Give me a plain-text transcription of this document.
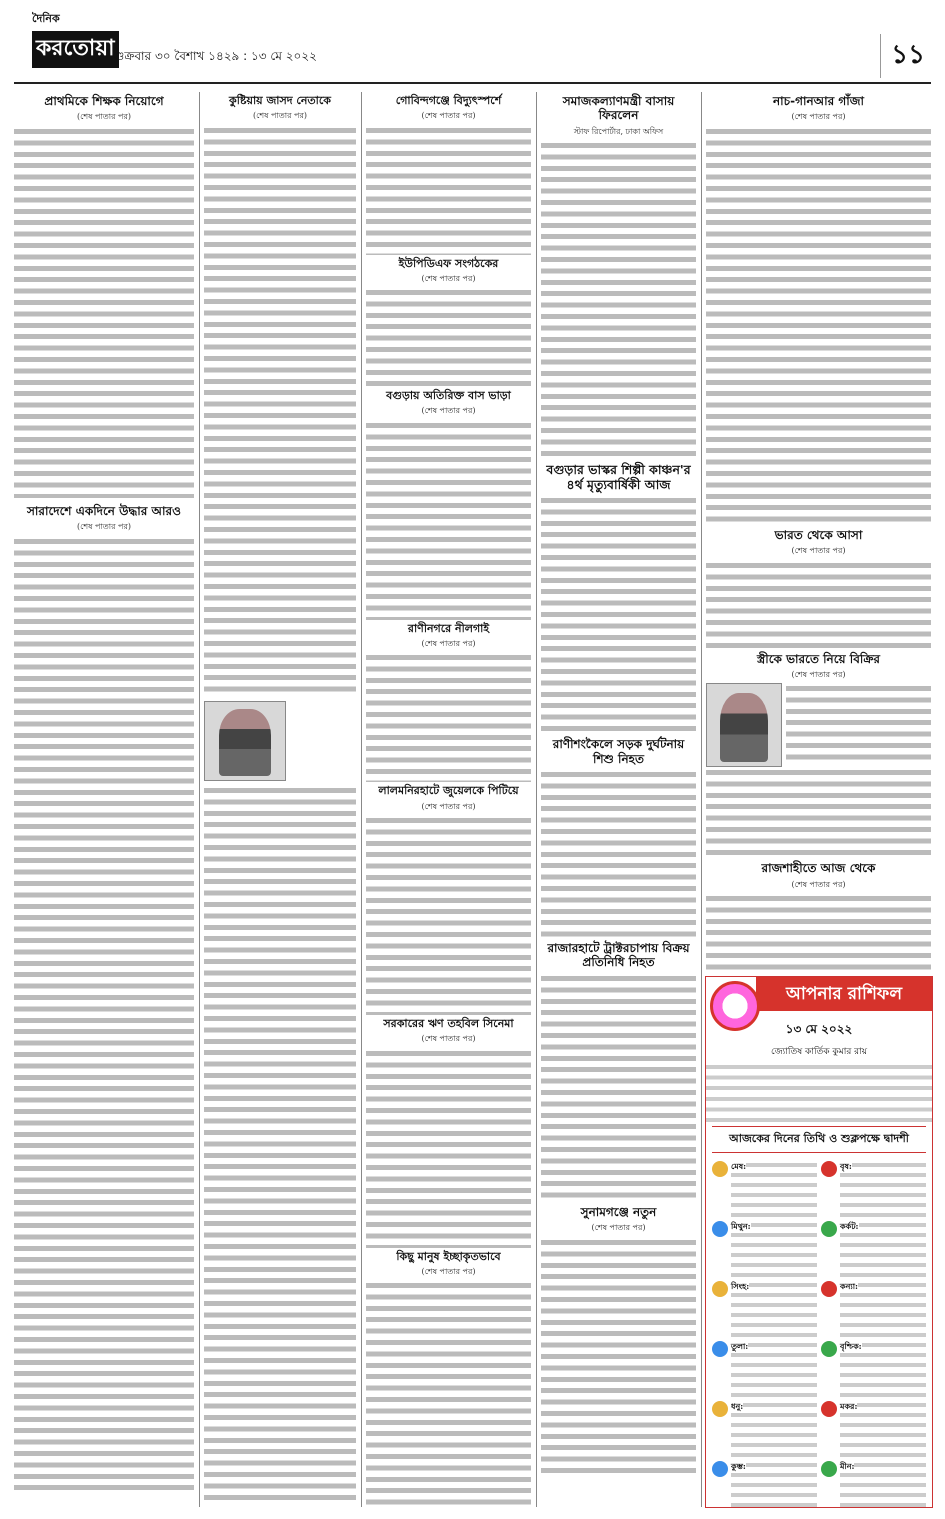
দৈনিক
করতোয়া শুক্রবার ৩০ বৈশাখ ১৪২৯ : ১৩ মে ২০২২	১১
প্রাথমিকে শিক্ষক নিয়োগে
(শেষ পাতার পর)
সারাদেশে একদিনে উদ্ধার আরও
(শেষ পাতার পর)
কুষ্টিয়ায় জাসদ নেতাকে
(শেষ পাতার পর)
গোবিন্দগঞ্জে বিদ্যুৎস্পর্শে
(শেষ পাতার পর)
ইউপিডিএফ সংগঠকের
(শেষ পাতার পর)
বগুড়ায় অতিরিক্ত বাস ভাড়া
(শেষ পাতার পর)
রাণীনগরে নীলগাই
(শেষ পাতার পর)
লালমনিরহাটে জুয়েলকে পিটিয়ে
(শেষ পাতার পর)
সরকারের ঋণ তহবিল সিনেমা
(শেষ পাতার পর)
কিছু মানুষ ইচ্ছাকৃতভাবে
(শেষ পাতার পর)
সমাজকল্যাণমন্ত্রী বাসায় ফিরলেন
স্টাফ রিপোর্টার, ঢাকা অফিস
বগুড়ার ভাস্কর শিল্পী কাঞ্চন'র ৪র্থ মৃত্যুবার্ষিকী আজ
রাণীশংকৈলে সড়ক দুর্ঘটনায় শিশু নিহত
রাজারহাটে ট্রাক্টরচাপায় বিক্রয় প্রতিনিধি নিহত
সুনামগঞ্জে নতুন
(শেষ পাতার পর)
নাচ-গানআর গাঁজা
(শেষ পাতার পর)
ভারত থেকে আসা
(শেষ পাতার পর)
স্ত্রীকে ভারতে নিয়ে বিক্রির
(শেষ পাতার পর)
রাজশাহীতে আজ থেকে
(শেষ পাতার পর)
আপনার রাশিফল
১৩ মে ২০২২
জ্যোতিষ কার্তিক কুমার রায়
আজকের দিনের তিথি ও শুক্লপক্ষে দ্বাদশী
মেষ:	বৃষ:
মিথুন:	কর্কট:
সিংহ:	কন্যা:
তুলা:	বৃশ্চিক:
ধনু:	মকর:
কুম্ভ:	মীন:
